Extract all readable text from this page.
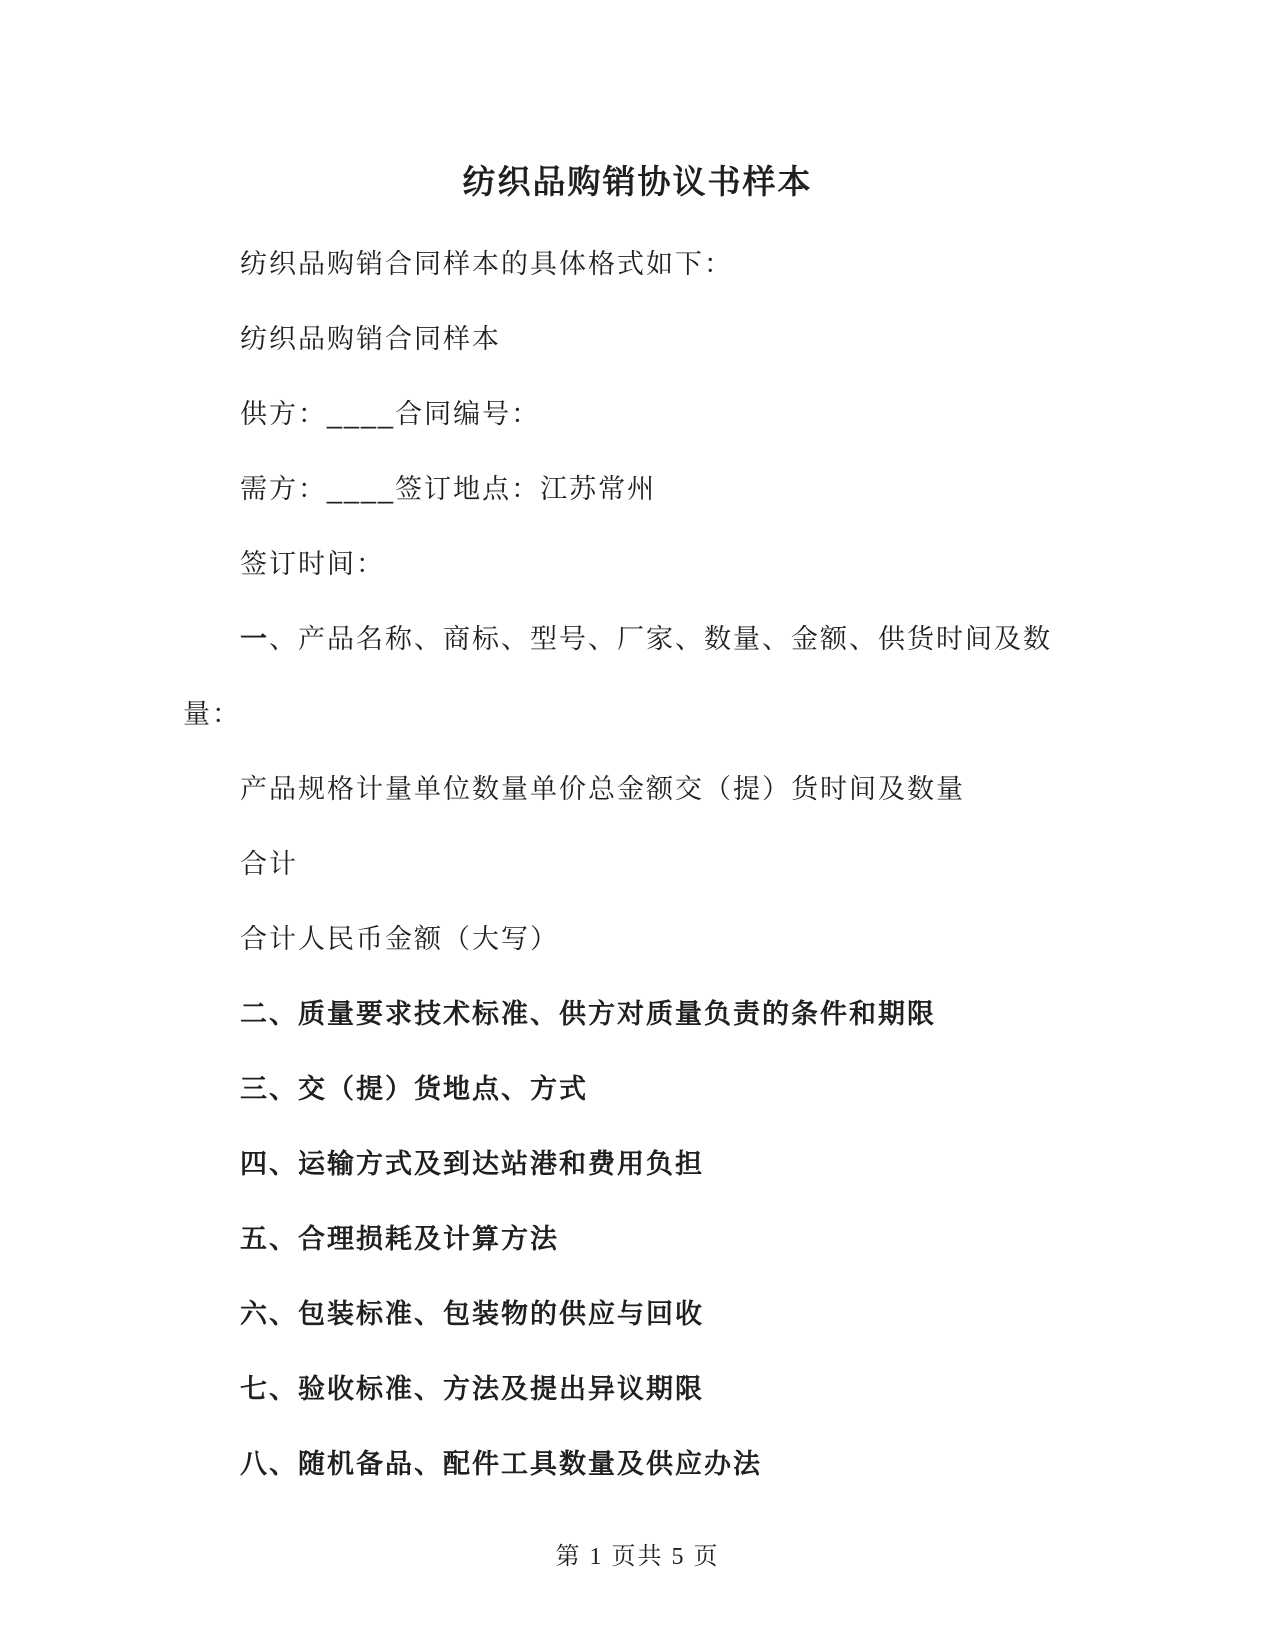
纺织品购销协议书样本

纺织品购销合同样本的具体格式如下：

纺织品购销合同样本

供方：____合同编号：

需方：____签订地点：江苏常州

签订时间：

一、产品名称、商标、型号、厂家、数量、金额、供货时间及数量：

产品规格计量单位数量单价总金额交（提）货时间及数量

合计

合计人民币金额（大写）

二、质量要求技术标准、供方对质量负责的条件和期限

三、交（提）货地点、方式

四、运输方式及到达站港和费用负担

五、合理损耗及计算方法

六、包装标准、包装物的供应与回收

七、验收标准、方法及提出异议期限

八、随机备品、配件工具数量及供应办法

第 1 页共 5 页
